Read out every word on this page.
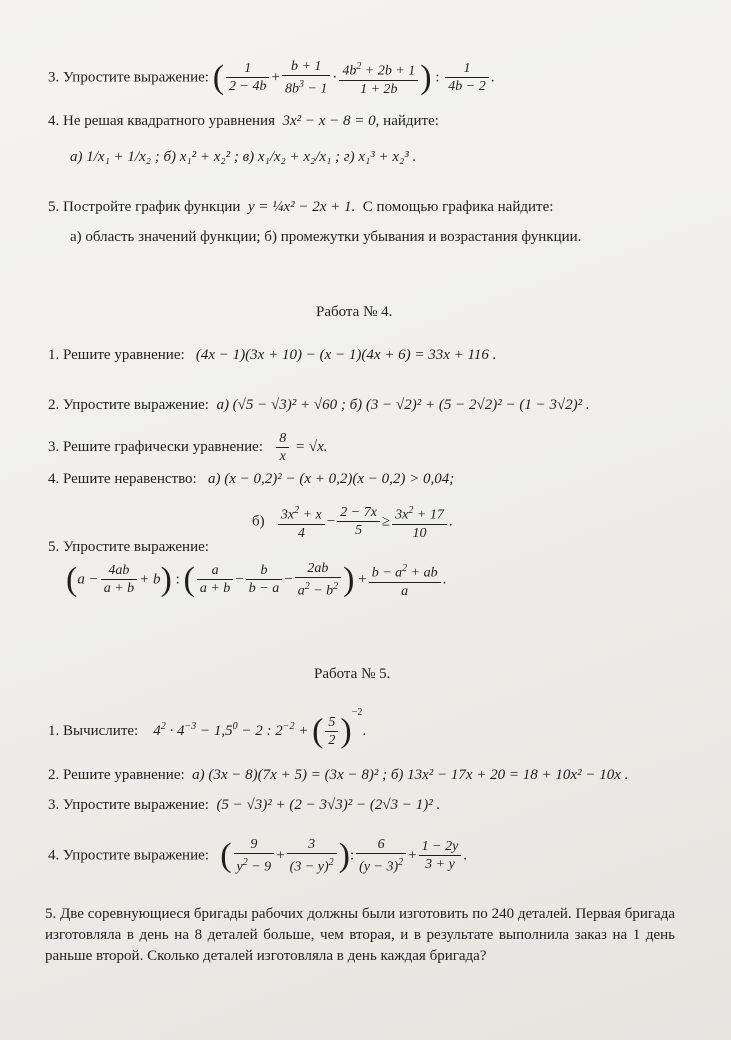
3. Упростите выражение: ( $\frac{1}{2 - 4b} + \frac{b + 1}{8b^3 - 1} \cdot \frac{4b^2 + 2b + 1}{1 + 2b}$ ) : $\frac{1}{4b - 2}$ .
4. Не решая квадратного уравнения 3x² − x − 8 = 0, найдите:
а) 1/x₁ + 1/x₂ ; б) x₁² + x₂² ; в) x₁/x₂ + x₂/x₁ ; г) x₁³ + x₂³ .
5. Постройте график функции y = ¼x² − 2x + 1. С помощью графика найдите:
а) область значений функции; б) промежутки убывания и возрастания функции.
Работа № 4.
1. Решите уравнение: (4x − 1)(3x + 10) − (x − 1)(4x + 6) = 33x + 116 .
2. Упростите выражение: а) (√5 − √3)² + √60 ; б) (3 − √2)² + (5 − 2√2)² − (1 − 3√2)² .
3. Решите графически уравнение: $\frac{8}{x} = √x$.
4. Решите неравенство: а) (x − 0,2)² − (x + 0,2)(x − 0,2) > 0,04;
$б) \frac{3x^2 + x}{4} - \frac{2 - 7x}{5} \ge \frac{3x^2 + 17}{10}$ .
5. Упростите выражение:
$(a - \frac{4ab}{a + b} + b)$ : ( $\frac{a}{a + b} - \frac{b}{b - a} - \frac{2ab}{a^2 - b^2}$ ) + $\frac{b - a^2 + ab}{a}$ .
Работа № 5.
1. Вычислите: $4^2 \cdot 4^{-3} - 1,5^0 - 2$ : $2^{-2}$ + ( $\frac{5}{2} )^{-2}$.
2. Решите уравнение: а) (3x − 8)(7x + 5) = (3x − 8)² ; б) 13x² − 17x + 20 = 18 + 10x² − 10x .
3. Упростите выражение: (5 − √3)² + (2 − 3√3)² − (2√3 − 1)² .
4. Упростите выражение: ( $\frac{9}{y^2 - 9} + \frac{3}{(3 - y)^2}$ ): $\frac{6}{(y - 3)^2} + \frac{1 - 2y}{3 + y}$ .
5. Две соревнующиеся бригады рабочих должны были изготовить по 240 деталей. Первая бригада изготовляла в день на 8 деталей больше, чем вторая, и в результате выполнила заказ на 1 день раньше второй. Сколько деталей изготовляла в день каждая бригада?
